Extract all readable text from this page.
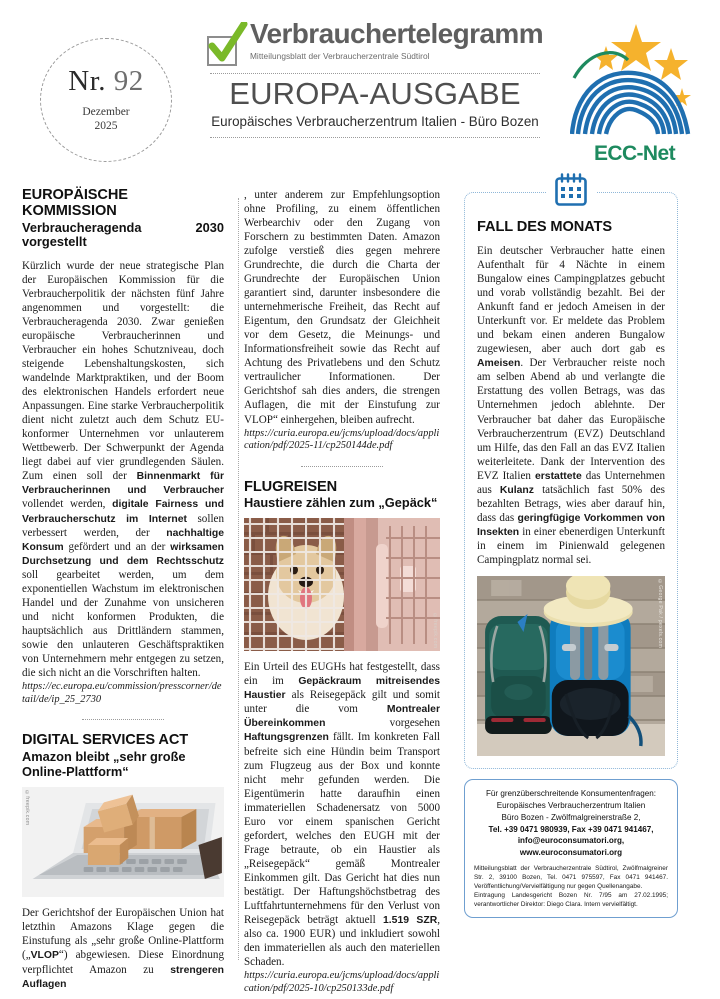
Nr. 92
Dezember
2025
Verbrauchertelegramm
Mitteilungsblatt der Verbraucherzentrale Südtirol
EUROPA-AUSGABE
Europäisches Verbraucherzentrum Italien - Büro Bozen
ECC-Net
EUROPÄISCHE
KOMMISSION
Verbraucheragenda 2030 vorgestellt

Kürzlich wurde der neue strategische Plan der Europäischen Kommission für die Verbraucherpolitik der nächsten fünf Jahre angenommen und vorgestellt: die Verbraucheragenda 2030. Zwar genießen europäische Verbraucherinnen und Verbraucher ein hohes Schutzniveau, doch steigende Lebenshaltungskosten, sich wandelnde Marktpraktiken, und der Boom des elektronischen Handels erfordert neue Anpassungen. Eine starke Verbraucherpolitik dient nicht zuletzt auch dem Schutz EU-konformer Unternehmen vor unlauterem Wettbewerb. Der Schwerpunkt der Agenda liegt dabei auf vier grundlegenden Säulen. Zum einen soll der Binnenmarkt für Verbraucherinnen und Verbraucher vollendet werden, digitale Fairness und Verbraucherschutz im Internet sollen verbessert werden, der nachhaltige Konsum gefördert und an der wirksamen Durchsetzung und dem Rechtsschutz soll gearbeitet werden, um dem exponentiellen Wachstum im elektronischen Handel und der Zunahme von unsicheren und nicht konformen Produkten, die hauptsächlich aus Drittländern stammen, sowie den unlauteren Geschäftspraktiken von Unternehmern mehr entgegen zu setzen, die sich nicht an die Vorschriften halten.

https://ec.europa.eu/commission/presscorner/detail/de/ip_25_2730

DIGITAL SERVICES ACT
Amazon bleibt „sehr große Online-Plattform“
©freepik.com

Der Gerichtshof der Europäischen Union hat letzthin Amazons Klage gegen die Einstufung als „sehr große Online-Plattform („VLOP“) abgewiesen. Diese Einordnung verpflichtet Amazon zu strengeren Auflagen

, unter anderem zur Empfehlungsoption ohne Profiling, zu einem öffentlichen Werbearchiv oder den Zugang von Forschern zu bestimmten Daten. Amazon zufolge verstieß dies gegen mehrere Grundrechte, die durch die Charta der Grundrechte der Europäischen Union garantiert sind, darunter insbesondere die unternehmerische Freiheit, das Recht auf Eigentum, den Grundsatz der Gleichheit vor dem Gesetz, die Meinungs- und Informationsfreiheit sowie das Recht auf Achtung des Privatlebens und den Schutz vertraulicher Informationen. Der Gerichtshof sah dies anders, die strengen Auflagen, die mit der Einstufung zur VLOP“ einhergehen, bleiben aufrecht.

https://curia.europa.eu/jcms/upload/docs/application/pdf/2025-11/cp250144de.pdf

FLUGREISEN
Haustiere zählen zum „Gepäck“
©freepik.com

Ein Urteil des EUGHs hat festgestellt, dass ein im Gepäckraum mitreisendes Haustier als Reisegepäck gilt und somit unter die vom Montrealer Übereinkommen vorgesehen Haftungsgrenzen fällt. Im konkreten Fall befreite sich eine Hündin beim Transport zum Flugzeug aus der Box und konnte nicht mehr gefunden werden. Die Eigentümerin hatte daraufhin einen immateriellen Schadenersatz von 5000 Euro vor einem spanischen Gericht gefordert, welches den EUGH mit der Frage betraute, ob ein Haustier als „Reisegepäck“ gemäß Montrealer Einkommen gilt. Das Gericht hat dies nun bestätigt. Der Haftungshöchstbetrag des Luftfahrtunternehmens für den Verlust von Reisegepäck beträgt aktuell 1.519 SZR, also ca. 1900 EUR) und inkludiert sowohl den immateriellen als auch den materiellen Schaden.

https://curia.europa.eu/jcms/upload/docs/application/pdf/2025-10/cp250133de.pdf

FALL DES MONATS

Ein deutscher Verbraucher hatte einen Aufenthalt für 4 Nächte in einem Bungalow eines Campingplatzes gebucht und vorab vollständig bezahlt. Bei der Ankunft fand er jedoch Ameisen in der Unterkunft vor. Er meldete das Problem und bekam einen anderen Bungalow zugewiesen, aber auch dort gab es Ameisen. Der Verbraucher reiste noch am selben Abend ab und verlangte die Erstattung des vollen Betrags, was das Unternehmen jedoch ablehnte. Der Verbraucher bat daher das Europäische Verbraucherzentrum (EVZ) Deutschland um Hilfe, das den Fall an das EVZ Italien weiterleitete. Dank der Intervention des EVZ Italien erstattete das Unternehmen aus Kulanz tatsächlich fast 50% des bezahlten Betrags, wies aber darauf hin, dass das geringfügige Vorkommen von Insekten in einer ebenerdigen Unterkunft in einem im Pinienwald gelegenen Campingplatz normal sei.

©George Pak / pexels.com
Für grenzüberschreitende Konsumentenfragen:
Europäisches Verbraucherzentrum Italien
Büro Bozen - Zwölfmalgreinerstraße 2,
Tel. +39 0471 980939, Fax +39 0471 941467,
info@euroconsumatori.org,
www.euroconsumatori.org
Mitteilungsblatt der Verbraucherzentrale Südtirol, Zwölfmalgreiner Str. 2, 39100 Bozen, Tel. 0471 975597, Fax 0471 941467. Veröffentlichung/Vervielfältigung nur gegen Quellenangabe.
Eintragung Landesgericht Bozen Nr. 7/95 am 27.02.1995; verantwortlicher Direktor: Diego Clara. Intern vervielfältigt.
